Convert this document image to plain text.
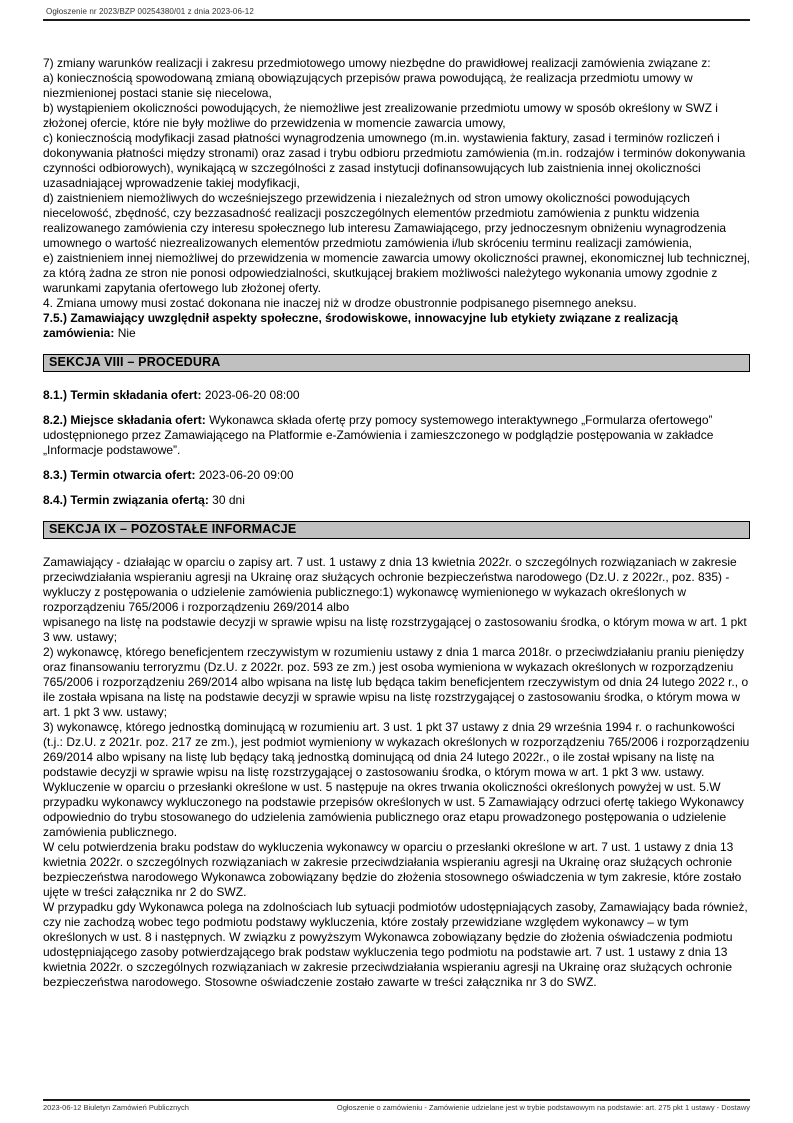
Ogłoszenie nr 2023/BZP 00254380/01 z dnia 2023-06-12

7) zmiany warunków realizacji i zakresu przedmiotowego umowy niezbędne do prawidłowej realizacji zamówienia związane z:

a) koniecznością spowodowaną zmianą obowiązujących przepisów prawa powodującą, że realizacja przedmiotu umowy w niezmienionej postaci stanie się niecelowa,

b) wystąpieniem okoliczności powodujących, że niemożliwe jest zrealizowanie przedmiotu umowy w sposób określony w SWZ i złożonej ofercie, które nie były możliwe do przewidzenia w momencie zawarcia umowy,

c) koniecznością modyfikacji zasad płatności wynagrodzenia umownego (m.in. wystawienia faktury, zasad i terminów rozliczeń i dokonywania płatności między stronami) oraz zasad i trybu odbioru przedmiotu zamówienia (m.in. rodzajów i terminów dokonywania czynności odbiorowych), wynikającą w szczególności z zasad instytucji dofinansowujących lub zaistnienia innej okoliczności uzasadniającej wprowadzenie takiej modyfikacji,

d) zaistnieniem niemożliwych do wcześniejszego przewidzenia i niezależnych od stron umowy okoliczności powodujących niecelowość, zbędność, czy bezzasadność realizacji poszczególnych elementów przedmiotu zamówienia z punktu widzenia realizowanego zamówienia czy interesu społecznego lub interesu Zamawiającego, przy jednoczesnym obniżeniu wynagrodzenia umownego o wartość niezrealizowanych elementów przedmiotu zamówienia i/lub skróceniu terminu realizacji zamówienia,

e) zaistnieniem innej niemożliwej do przewidzenia w momencie zawarcia umowy okoliczności prawnej, ekonomicznej lub technicznej, za którą żadna ze stron nie ponosi odpowiedzialności, skutkującej brakiem możliwości należytego wykonania umowy zgodnie z warunkami zapytania ofertowego lub złożonej oferty.

4. Zmiana umowy musi zostać dokonana nie inaczej niż w drodze obustronnie podpisanego pisemnego aneksu.

7.5.) Zamawiający uwzględnił aspekty społeczne, środowiskowe, innowacyjne lub etykiety związane z realizacją zamówienia: Nie

SEKCJA VIII – PROCEDURA

8.1.) Termin składania ofert: 2023-06-20 08:00

8.2.) Miejsce składania ofert: Wykonawca składa ofertę przy pomocy systemowego interaktywnego „Formularza ofertowego” udostępnionego przez Zamawiającego na Platformie e-Zamówienia i zamieszczonego w podglądzie postępowania w zakładce „Informacje podstawowe”.

8.3.) Termin otwarcia ofert: 2023-06-20 09:00

8.4.) Termin związania ofertą: 30 dni

SEKCJA IX – POZOSTAŁE INFORMACJE

Zamawiający - działając w oparciu o zapisy art. 7 ust. 1 ustawy z dnia 13 kwietnia 2022r. o szczególnych rozwiązaniach w zakresie przeciwdziałania wspieraniu agresji na Ukrainę oraz służących ochronie bezpieczeństwa narodowego (Dz.U. z 2022r., poz. 835) - wykluczy z postępowania o udzielenie zamówienia publicznego:1) wykonawcę wymienionego w wykazach określonych w rozporządzeniu 765/2006 i rozporządzeniu 269/2014 albo

wpisanego na listę na podstawie decyzji w sprawie wpisu na listę rozstrzygającej o zastosowaniu środka, o którym mowa w art. 1 pkt 3 ww. ustawy;

2) wykonawcę, którego beneficjentem rzeczywistym w rozumieniu ustawy z dnia 1 marca 2018r. o przeciwdziałaniu praniu pieniędzy oraz finansowaniu terroryzmu (Dz.U. z 2022r. poz. 593 ze zm.) jest osoba wymieniona w wykazach określonych w rozporządzeniu 765/2006 i rozporządzeniu 269/2014 albo wpisana na listę lub będąca takim beneficjentem rzeczywistym od dnia 24 lutego 2022 r., o ile została wpisana na listę na podstawie decyzji w sprawie wpisu na listę rozstrzygającej o zastosowaniu środka, o którym mowa w art. 1 pkt 3 ww. ustawy;

3) wykonawcę, którego jednostką dominującą w rozumieniu art. 3 ust. 1 pkt 37 ustawy z dnia 29 września 1994 r. o rachunkowości (t.j.: Dz.U. z 2021r. poz. 217 ze zm.), jest podmiot wymieniony w wykazach określonych w rozporządzeniu 765/2006 i rozporządzeniu 269/2014 albo wpisany na listę lub będący taką jednostką dominującą od dnia 24 lutego 2022r., o ile został wpisany na listę na podstawie decyzji w sprawie wpisu na listę rozstrzygającej o zastosowaniu środka, o którym mowa w art. 1 pkt 3 ww. ustawy.

Wykluczenie w oparciu o przesłanki określone w ust. 5 następuje na okres trwania okoliczności określonych powyżej w ust. 5.W przypadku wykonawcy wykluczonego na podstawie przepisów określonych w ust. 5 Zamawiający odrzuci ofertę takiego Wykonawcy odpowiednio do trybu stosowanego do udzielenia zamówienia publicznego oraz etapu prowadzonego postępowania o udzielenie zamówienia publicznego.

W celu potwierdzenia braku podstaw do wykluczenia wykonawcy w oparciu o przesłanki określone w art. 7 ust. 1 ustawy z dnia 13 kwietnia 2022r. o szczególnych rozwiązaniach w zakresie przeciwdziałania wspieraniu agresji na Ukrainę oraz służących ochronie bezpieczeństwa narodowego Wykonawca zobowiązany będzie do złożenia stosownego oświadczenia w tym zakresie, które zostało ujęte w treści załącznika nr 2 do SWZ.

W przypadku gdy Wykonawca polega na zdolnościach lub sytuacji podmiotów udostępniających zasoby, Zamawiający bada również, czy nie zachodzą wobec tego podmiotu podstawy wykluczenia, które zostały przewidziane względem wykonawcy – w tym określonych w ust. 8 i następnych. W związku z powyższym Wykonawca zobowiązany będzie do złożenia oświadczenia podmiotu udostępniającego zasoby potwierdzającego brak podstaw wykluczenia tego podmiotu na podstawie art. 7 ust. 1 ustawy z dnia 13 kwietnia 2022r. o szczególnych rozwiązaniach w zakresie przeciwdziałania wspieraniu agresji na Ukrainę oraz służących ochronie bezpieczeństwa narodowego. Stosowne oświadczenie zostało zawarte w treści załącznika nr 3 do SWZ.

2023-06-12 Biuletyn Zamówień Publicznych	Ogłoszenie o zamówieniu - Zamówienie udzielane jest w trybie podstawowym na podstawie: art. 275 pkt 1 ustawy - Dostawy
